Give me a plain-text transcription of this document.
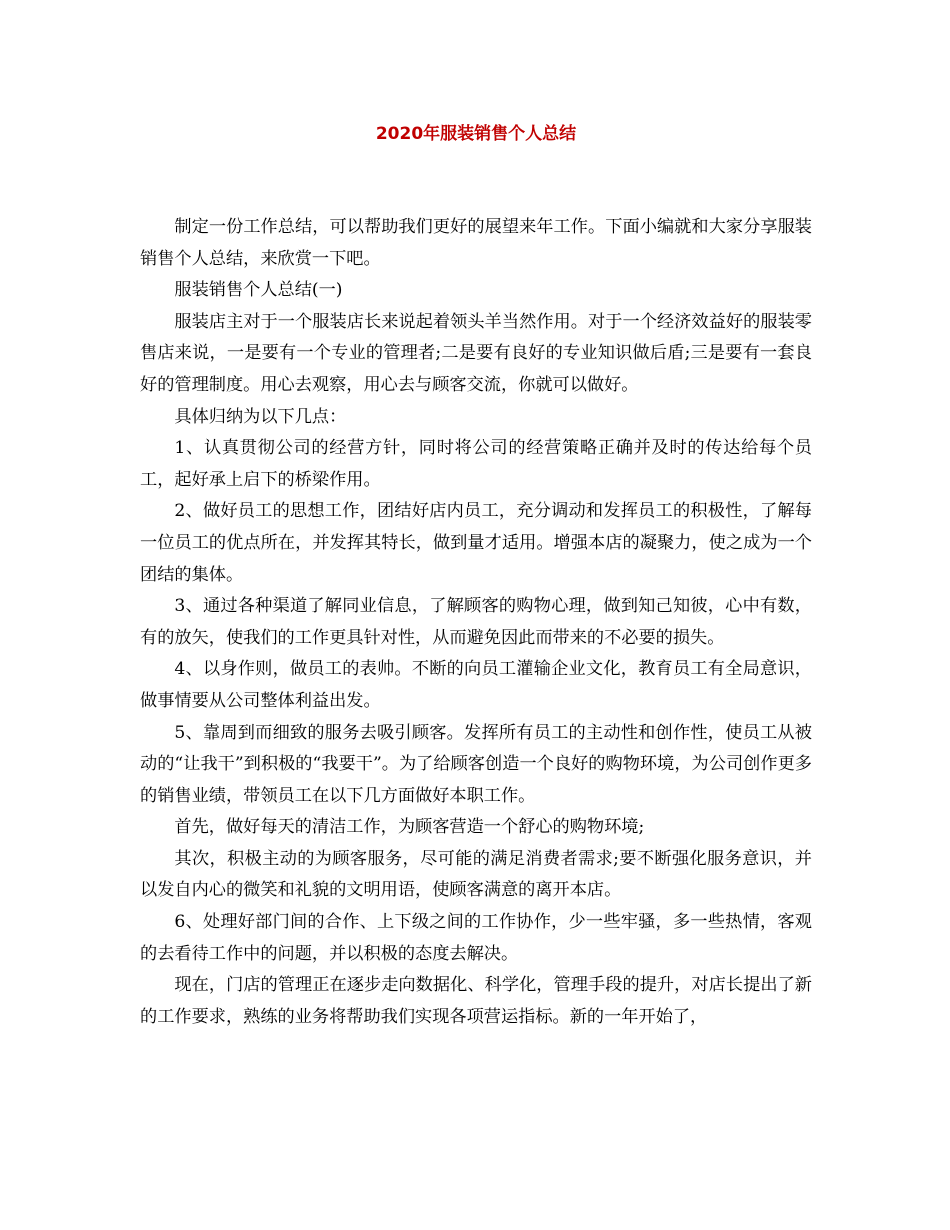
2020年服装销售个人总结

制定一份工作总结，可以帮助我们更好的展望来年工作。下面小编就和大家分享服装销售个人总结，来欣赏一下吧。

服装销售个人总结(一)

服装店主对于一个服装店长来说起着领头羊当然作用。对于一个经济效益好的服装零售店来说，一是要有一个专业的管理者;二是要有良好的专业知识做后盾;三是要有一套良好的管理制度。用心去观察，用心去与顾客交流，你就可以做好。

具体归纳为以下几点：

1、认真贯彻公司的经营方针，同时将公司的经营策略正确并及时的传达给每个员工，起好承上启下的桥梁作用。

2、做好员工的思想工作，团结好店内员工，充分调动和发挥员工的积极性，了解每一位员工的优点所在，并发挥其特长，做到量才适用。增强本店的凝聚力，使之成为一个团结的集体。

3、通过各种渠道了解同业信息，了解顾客的购物心理，做到知己知彼，心中有数，有的放矢，使我们的工作更具针对性，从而避免因此而带来的不必要的损失。

4、以身作则，做员工的表帅。不断的向员工灌输企业文化，教育员工有全局意识，做事情要从公司整体利益出发。

5、靠周到而细致的服务去吸引顾客。发挥所有员工的主动性和创作性，使员工从被动的“让我干”到积极的“我要干”。为了给顾客创造一个良好的购物环境，为公司创作更多的销售业绩，带领员工在以下几方面做好本职工作。

首先，做好每天的清洁工作，为顾客营造一个舒心的购物环境;

其次，积极主动的为顾客服务，尽可能的满足消费者需求;要不断强化服务意识，并以发自内心的微笑和礼貌的文明用语，使顾客满意的离开本店。

6、处理好部门间的合作、上下级之间的工作协作，少一些牢骚，多一些热情，客观的去看待工作中的问题，并以积极的态度去解决。

现在，门店的管理正在逐步走向数据化、科学化，管理手段的提升，对店长提出了新的工作要求，熟练的业务将帮助我们实现各项营运指标。新的一年开始了，
